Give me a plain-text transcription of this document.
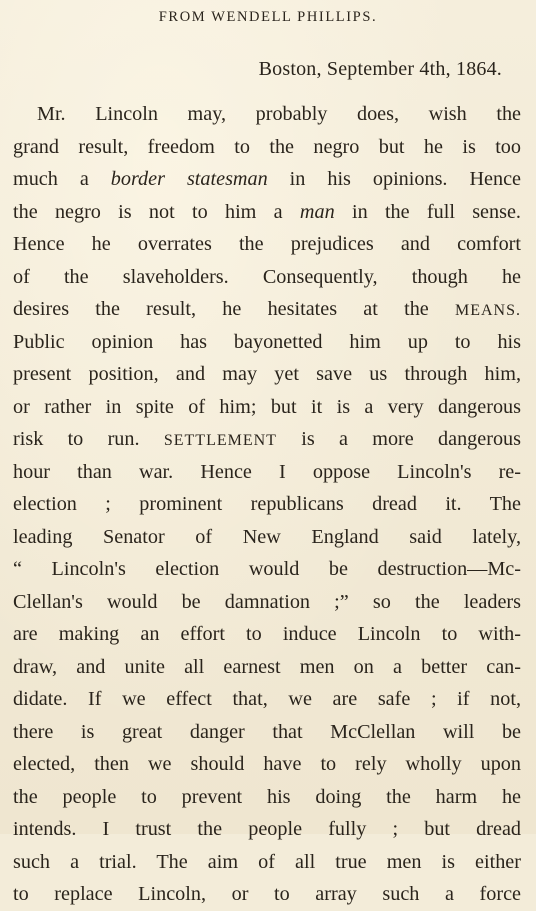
FROM WENDELL PHILLIPS.
Boston, September 4th, 1864.
Mr. Lincoln may, probably does, wish the
grand result, freedom to the negro but he is too
much a border statesman in his opinions. Hence
the negro is not to him a man in the full sense.
Hence he overrates the prejudices and comfort
of the slaveholders. Consequently, though he
desires the result, he hesitates at the MEANS.
Public opinion has bayonetted him up to his
present position, and may yet save us through him,
or rather in spite of him; but it is a very dangerous
risk to run. SETTLEMENT is a more dangerous
hour than war. Hence I oppose Lincoln's re-
election ; prominent republicans dread it. The
leading Senator of New England said lately,
“ Lincoln's election would be destruction—Mc-
Clellan's would be damnation ;” so the leaders
are making an effort to induce Lincoln to with-
draw, and unite all earnest men on a better can-
didate. If we effect that, we are safe ; if not,
there is great danger that McClellan will be
elected, then we should have to rely wholly upon
the people to prevent his doing the harm he
intends. I trust the people fully ; but dread
such a trial. The aim of all true men is either
to replace Lincoln, or to array such a force
